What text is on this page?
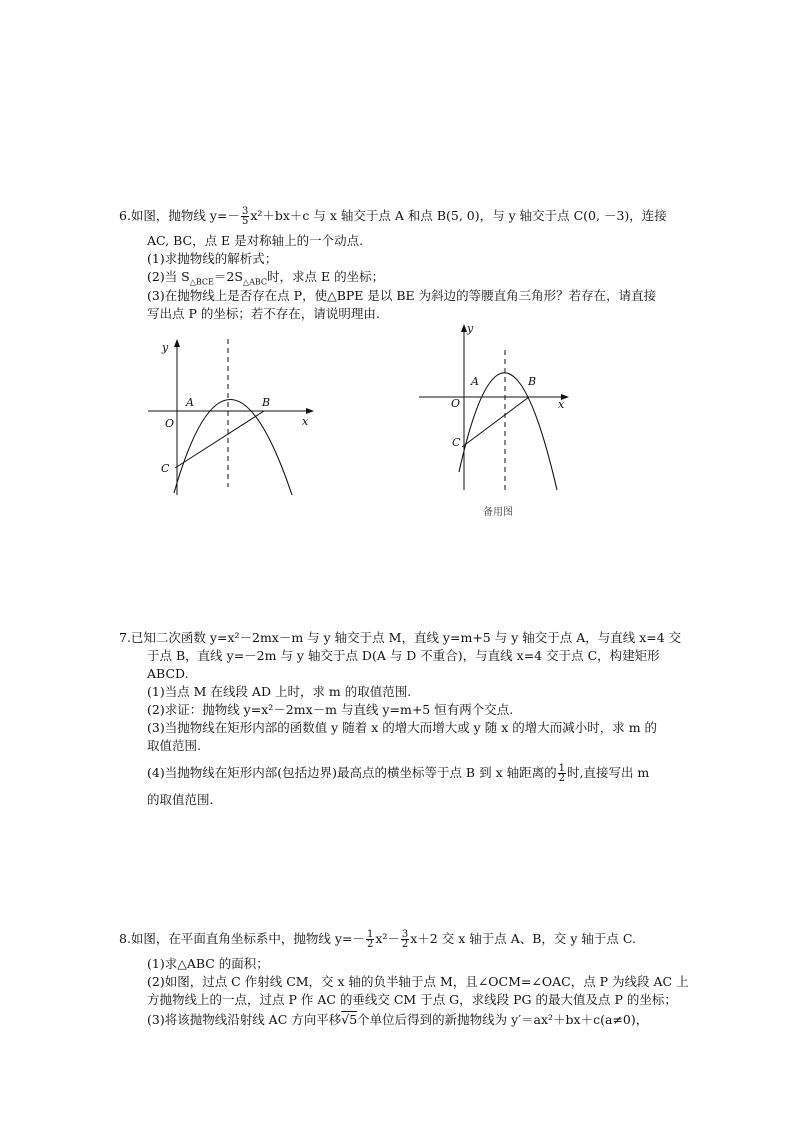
6.如图，抛物线 $y=- \frac{3}{5} x^2+bx+c$ 与 x 轴交于点 A 和点 B(5, 0)，与 y 轴交于点 C(0, －3)，连接
AC, BC，点 E 是对称轴上的一个动点.
(1)求抛物线的解析式；
(2)当 $S_{\triangle BCE}=2S_{\triangle ABC}$时，求点 E 的坐标；
(3)在抛物线上是否存在点 P，使△BPE 是以 BE 为斜边的等腰直角三角形？若存在，请直接
写出点 P 的坐标；若不存在，请说明理由.
x
y
O
A	B
C
x
y
O
A	B
C
备用图
7.已知二次函数 y=x²－2mx－m 与 y 轴交于点 M，直线 y=m+5 与 y 轴交于点 A，与直线 x=4 交
于点 B，直线 y=－2m 与 y 轴交于点 D(A 与 D 不重合)，与直线 x=4 交于点 C，构建矩形
ABCD.
(1)当点 M 在线段 AD 上时，求 m 的取值范围.
(2)求证：抛物线 y=x²－2mx－m 与直线 y=m+5 恒有两个交点.
(3)当抛物线在矩形内部的函数值 y 随着 x 的增大而增大或 y 随 x 的增大而减小时，求 m 的
取值范围.
(4)当抛物线在矩形内部(包括边界)最高点的横坐标等于点 B 到 x 轴距离的 $\frac{1}{2}$ 时,直接写出 m
的取值范围.
8.如图，在平面直角坐标系中，抛物线 $y=- \frac{1}{2} x^2- \frac{3}{2} x+2$ 交 x 轴于点 A、B，交 y 轴于点 C.
(1)求△ABC 的面积；
(2)如图，过点 C 作射线 CM，交 x 轴的负半轴于点 M，且∠OCM=∠OAC，点 P 为线段 AC 上
方抛物线上的一点，过点 P 作 AC 的垂线交 CM 于点 G，求线段 PG 的最大值及点 P 的坐标；
(3)将该抛物线沿射线 AC 方向平移√5个单位后得到的新抛物线为 y′＝ax²＋bx＋c(a≠0)，
